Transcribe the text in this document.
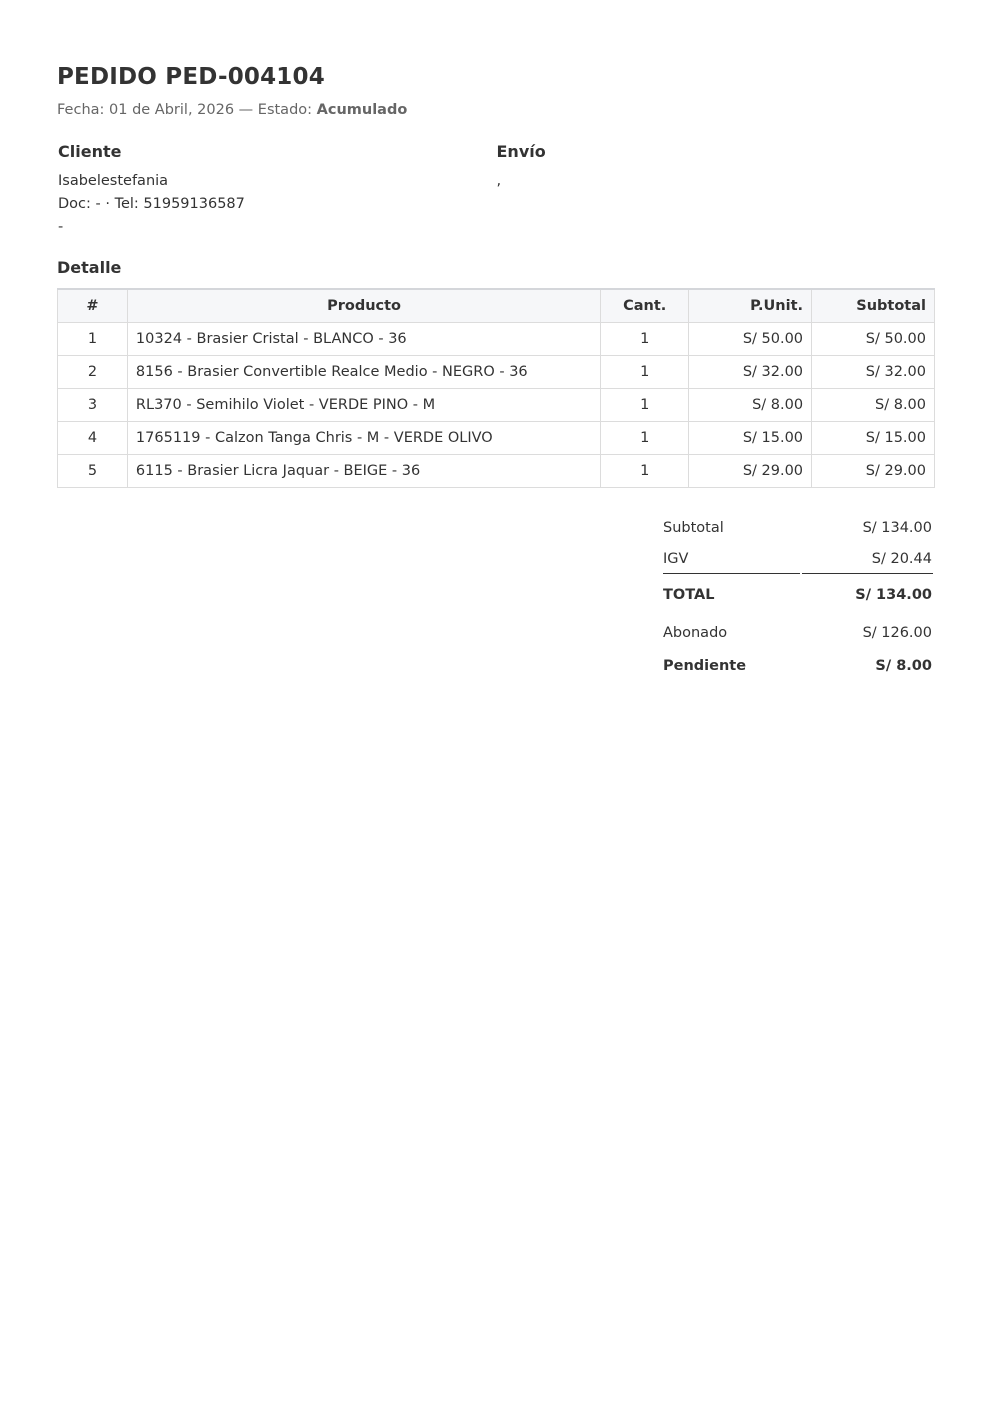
PEDIDO PED-004104
Fecha: 01 de Abril, 2026 — Estado: Acumulado
Cliente
Isabelestefania
Doc: - · Tel: 51959136587
-
Envío
,
Detalle
#	Producto	Cant.	P.Unit.	Subtotal
1	10324 - Brasier Cristal - BLANCO - 36	1	S/ 50.00	S/ 50.00
2	8156 - Brasier Convertible Realce Medio - NEGRO - 36	1	S/ 32.00	S/ 32.00
3	RL370 - Semihilo Violet - VERDE PINO - M	1	S/ 8.00	S/ 8.00
4	1765119 - Calzon Tanga Chris - M - VERDE OLIVO	1	S/ 15.00	S/ 15.00
5	6115 - Brasier Licra Jaquar - BEIGE - 36	1	S/ 29.00	S/ 29.00
Subtotal	S/ 134.00
IGV	S/ 20.44
TOTAL	S/ 134.00
Abonado	S/ 126.00
Pendiente	S/ 8.00
